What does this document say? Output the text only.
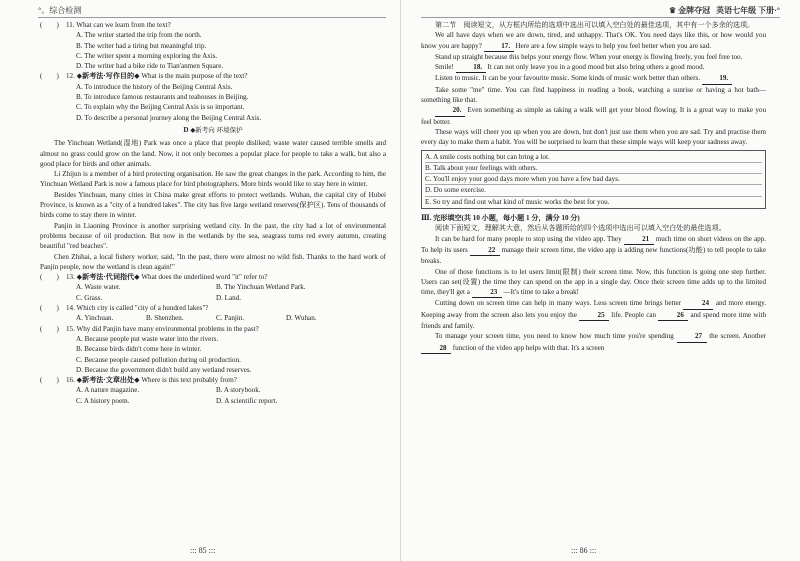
°。综合检测
(　　) 11. What can we learn from the text?
A. The writer started the trip from the north.
B. The writer had a tiring but meaningful trip.
C. The writer spent a morning exploring the Axis.
D. The writer had a bike ride to Tian'anmen Square.
(　　) 12. ◆新考法·写作目的◆ What is the main purpose of the text?
A. To introduce the history of the Beijing Central Axis.
B. To introduce famous restaurants and teahouses in Beijing.
C. To explain why the Beijing Central Axis is so important.
D. To describe a personal journey along the Beijing Central Axis.
D ◆新考向 环境保护

The Yinchuan Wetland(湿地) Park was once a place that people disliked; waste water caused terrible smells and almost no grass could grow on the land. Now, it not only becomes a popular place for people to take a walk, but also a good place for birds and other animals.

Li Zhijun is a member of a bird protecting organisation. He saw the great changes in the park. According to him, the Yinchuan Wetland Park is now a famous place for bird photographers. More birds would like to stay here in winter.

Besides Yinchuan, many cities in China make great efforts to protect wetlands. Wuhan, the capital city of Hubei Province, is known as a "city of a hundred lakes". The city has five large wetland reserves(保护区). Tens of thousands of birds come to stay there in winter.

Panjin in Liaoning Province is another surprising wetland city. In the past, the city had a lot of environmental problems because of oil production. But now in the wetlands by the sea, seagrass turns red every autumn, creating beautiful "red beaches".

Chen Zhihai, a local fishery worker, said, "In the past, there were almost no wild fish. Thanks to the hard work of Panjin people, now the wetland is clean again!"

(　　) 13. ◆新考法·代词指代◆ What does the underlined word "it" refer to?
A. Waste water.	B. The Yinchuan Wetland Park.
C. Grass.	D. Land.
(　　) 14. Which city is called "city of a hundred lakes"?
A. Yinchuan.	B. Shenzhen.	C. Panjin.	D. Wuhan.
(　　) 15. Why did Panjin have many environmental problems in the past?
A. Because people put waste water into the rivers.
B. Because birds didn't come here in winter.
C. Because people caused pollution during oil production.
D. Because the government didn't build any wetland reserves.
(　　) 16. ◆新考法·文章出处◆ Where is this text probably from?
A. A nature magazine.	B. A storybook.
C. A history poem.	D. A scientific report.
::: 85 :::
♛ 金牌夺冠 英语七年级 下册·°

第二节　阅读短文，从方框内所给的选项中选出可以填入空白处的最佳选项，其中有一个多余的选项。

We all have days when we are down, tired, and unhappy. That's OK. You need days like this, or how would you know you are happy? 17. Here are a few simple ways to help you feel better when you are sad.

Stand up straight because this helps your energy flow. When your energy is flowing freely, you feel free too.

Smile! 18. It can not only leave you in a good mood but also bring others a good mood.

Listen to music. It can be your favourite music. Some kinds of music work better than others. 19.

Take some "me" time. You can find happiness in reading a book, watching a sunrise or having a hot bath—something like that.

20. Even something as simple as taking a walk will get your blood flowing. It is a great way to make you feel better.

These ways will cheer you up when you are down, but don't just use them when you are sad. Try and practise them every day to make them a habit. You will be surprised to learn that these simple ways will keep your sadness away.

A. A smile costs nothing but can bring a lot.
B. Talk about your feelings with others.
C. You'll enjoy your good days more when you have a few bad days.
D. Do some exercise.
E. So try and find out what kind of music works the best for you.
Ⅲ. 完形填空(共 10 小题，每小题 1 分，满分 10 分)

阅读下面短文，理解其大意，然后从各题所给的四个选项中选出可以填入空白处的最佳选项。

It can be hard for many people to stop using the video app. They	21 much time on short videos on the app. To help its users	22 manage their screen time, the video app is adding new functions(功能) to tell people to take breaks.

One of those functions is to let users limit(限制) their screen time. Now, this function is going one step further. Users can set(设置) the time they can spend on the app in a single day. Once their screen time adds up to the limited time, they'll get a	23 —It's time to take a break!

Cutting down on screen time can help in many ways. Less screen time brings better	24 and more energy. Keeping away from the screen also lets you enjoy the	25 life. People can	26 and spend more time with friends and family.

To manage your screen time, you need to know how much time you're spending	27 the screen. Another 28 function of the video app helps with that. It's a screen

::: 86 :::
